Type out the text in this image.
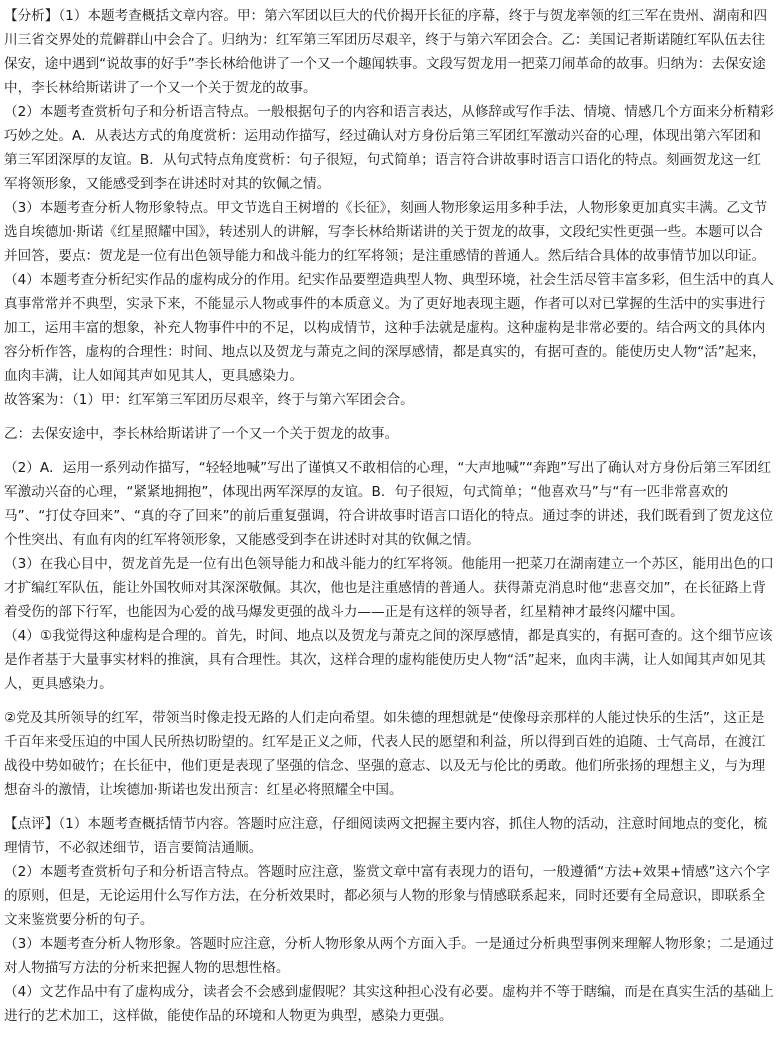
【分析】（1）本题考查概括文章内容。甲：第六军团以巨大的代价揭开长征的序幕，终于与贺龙率领的红三军在贵州、湖南和四川三省交界处的荒僻群山中会合了。归纳为：红军第三军团历尽艰辛，终于与第六军团会合。乙：美国记者斯诺随红军队伍去往保安，途中遇到“说故事的好手”李长林给他讲了一个又一个趣闻轶事。文段写贺龙用一把菜刀闹革命的故事。归纳为：去保安途中，李长林给斯诺讲了一个又一个关于贺龙的故事。

（2）本题考查赏析句子和分析语言特点。一般根据句子的内容和语言表达，从修辞或写作手法、情境、情感几个方面来分析精彩巧妙之处。A．从表达方式的角度赏析：运用动作描写，经过确认对方身份后第三军团红军激动兴奋的心理，体现出第六军团和第三军团深厚的友谊。B．从句式特点角度赏析：句子很短，句式简单；语言符合讲故事时语言口语化的特点。刻画贺龙这一红军将领形象，又能感受到李在讲述时对其的钦佩之情。

（3）本题考查分析人物形象特点。甲文节选自王树增的《长征》，刻画人物形象运用多种手法，人物形象更加真实丰满。乙文节选自埃德加·斯诺《红星照耀中国》，转述别人的讲解，写李长林给斯诺讲的关于贺龙的故事，文段纪实性更强一些。本题可以合并回答，要点：贺龙是一位有出色领导能力和战斗能力的红军将领；是注重感情的普通人。然后结合具体的故事情节加以印证。

（4）本题考查分析纪实作品的虚构成分的作用。纪实作品要塑造典型人物、典型环境，社会生活尽管丰富多彩，但生活中的真人真事常常并不典型，实录下来，不能显示人物或事件的本质意义。为了更好地表现主题，作者可以对已掌握的生活中的实事进行加工，运用丰富的想象，补充人物事件中的不足，以构成情节，这种手法就是虚构。这种虚构是非常必要的。结合两文的具体内容分析作答，虚构的合理性：时间、地点以及贺龙与萧克之间的深厚感情，都是真实的，有据可查的。能使历史人物“活”起来，血肉丰满，让人如闻其声如见其人，更具感染力。

故答案为：（1）甲：红军第三军团历尽艰辛，终于与第六军团会合。

乙：去保安途中，李长林给斯诺讲了一个又一个关于贺龙的故事。

（2）A．运用一系列动作描写，“轻轻地喊”写出了谨慎又不敢相信的心理，“大声地喊”“奔跑”写出了确认对方身份后第三军团红军激动兴奋的心理，“紧紧地拥抱”，体现出两军深厚的友谊。B．句子很短，句式简单；“他喜欢马”与“有一匹非常喜欢的马”、“打仗夺回来”、“真的夺了回来”的前后重复强调，符合讲故事时语言口语化的特点。通过李的讲述，我们既看到了贺龙这位个性突出、有血有肉的红军将领形象，又能感受到李在讲述时对其的钦佩之情。

（3）在我心目中，贺龙首先是一位有出色领导能力和战斗能力的红军将领。他能用一把菜刀在湖南建立一个苏区，能用出色的口才扩编红军队伍，能让外国牧师对其深深敬佩。其次，他也是注重感情的普通人。获得萧克消息时他“悲喜交加”，在长征路上背着受伤的部下行军，也能因为心爱的战马爆发更强的战斗力——正是有这样的领导者，红星精神才最终闪耀中国。

（4）①我觉得这种虚构是合理的。首先，时间、地点以及贺龙与萧克之间的深厚感情，都是真实的，有据可查的。这个细节应该是作者基于大量事实材料的推演，具有合理性。其次，这样合理的虚构能使历史人物“活”起来，血肉丰满，让人如闻其声如见其人，更具感染力。

②党及其所领导的红军，带领当时像走投无路的人们走向希望。如朱德的理想就是“使像母亲那样的人能过快乐的生活”，这正是千百年来受压迫的中国人民所热切盼望的。红军是正义之师，代表人民的愿望和利益，所以得到百姓的追随、士气高昂，在渡江战役中势如破竹；在长征中，他们更是表现了坚强的信念、坚强的意志、以及无与伦比的勇敢。他们所张扬的理想主义，与为理想奋斗的激情，让埃德加·斯诺也发出预言：红星必将照耀全中国。

【点评】（1）本题考查概括情节内容。答题时应注意，仔细阅读两文把握主要内容，抓住人物的活动，注意时间地点的变化，梳理情节，不必叙述细节，语言要简洁通顺。

（2）本题考查赏析句子和分析语言特点。答题时应注意，鉴赏文章中富有表现力的语句，一般遵循“方法+效果+情感”这六个字的原则，但是，无论运用什么写作方法，在分析效果时，都必须与人物的形象与情感联系起来，同时还要有全局意识，即联系全文来鉴赏要分析的句子。

（3）本题考查分析人物形象。答题时应注意，分析人物形象从两个方面入手。一是通过分析典型事例来理解人物形象；二是通过对人物描写方法的分析来把握人物的思想性格。

（4）文艺作品中有了虚构成分，读者会不会感到虚假呢？其实这种担心没有必要。虚构并不等于瞎编，而是在真实生活的基础上进行的艺术加工，这样做，能使作品的环境和人物更为典型，感染力更强。
